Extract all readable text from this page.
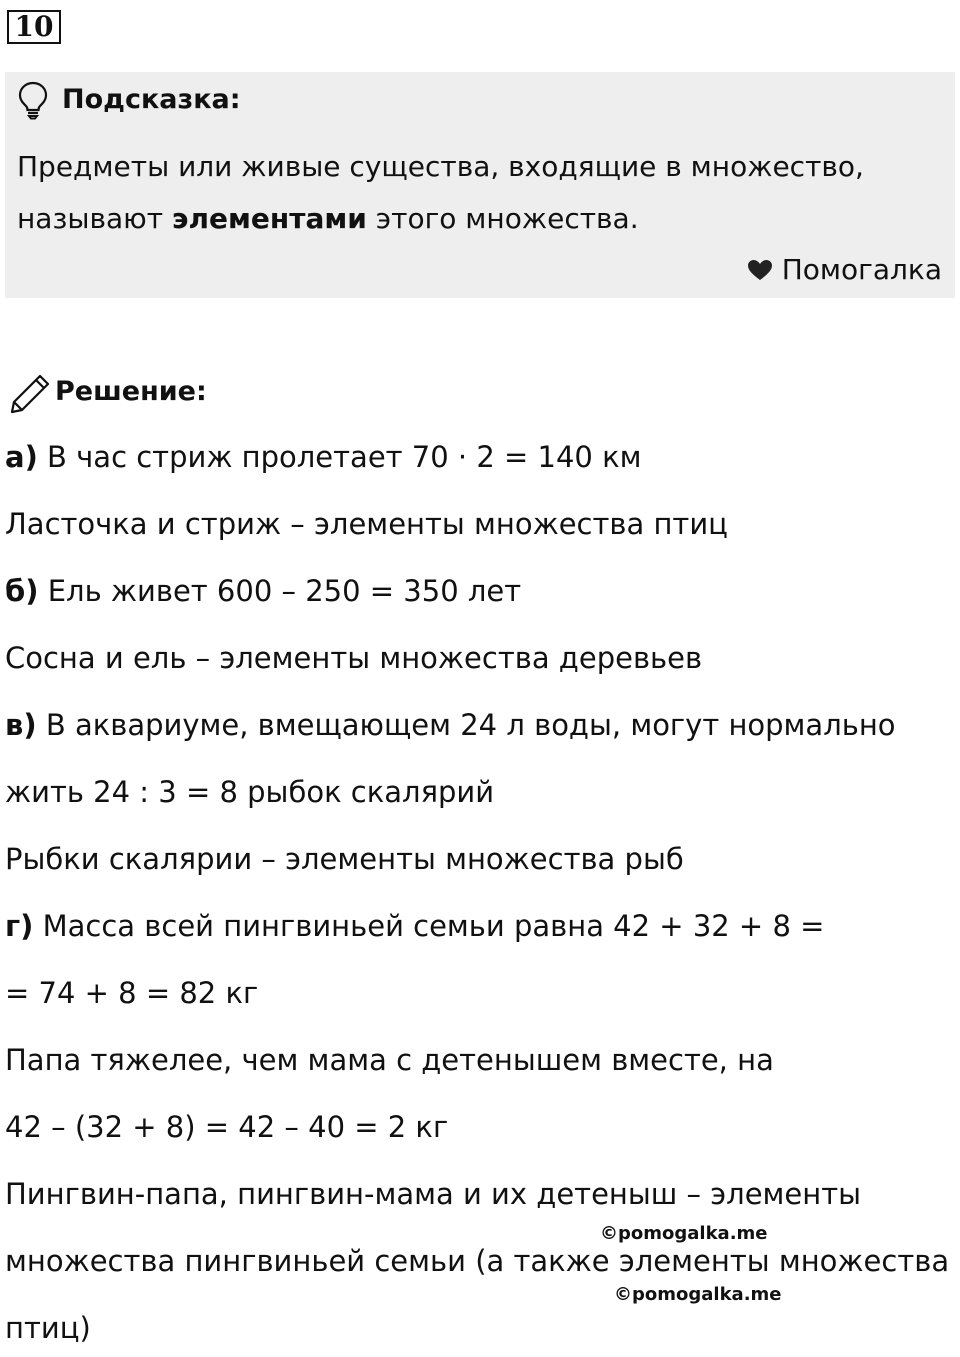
10
Подсказка:
Предметы или живые существа, входящие в множество,
называют элементами этого множества.
Помогалка
Решение:
а) В час стриж пролетает 70 · 2 = 140 км
Ласточка и стриж – элементы множества птиц
б) Ель живет 600 – 250 = 350 лет
Сосна и ель – элементы множества деревьев
в) В аквариуме, вмещающем 24 л воды, могут нормально
жить 24 : 3 = 8 рыбок скалярий
Рыбки скалярии – элементы множества рыб
г) Масса всей пингвиньей семьи равна 42 + 32 + 8 =
= 74 + 8 = 82 кг
Папа тяжелее, чем мама с детенышем вместе, на
42 – (32 + 8) = 42 – 40 = 2 кг
Пингвин-папа, пингвин-мама и их детеныш – элементы
множества пингвиньей семьи (а также элементы множества
птиц)
©pomogalka.me
©pomogalka.me
